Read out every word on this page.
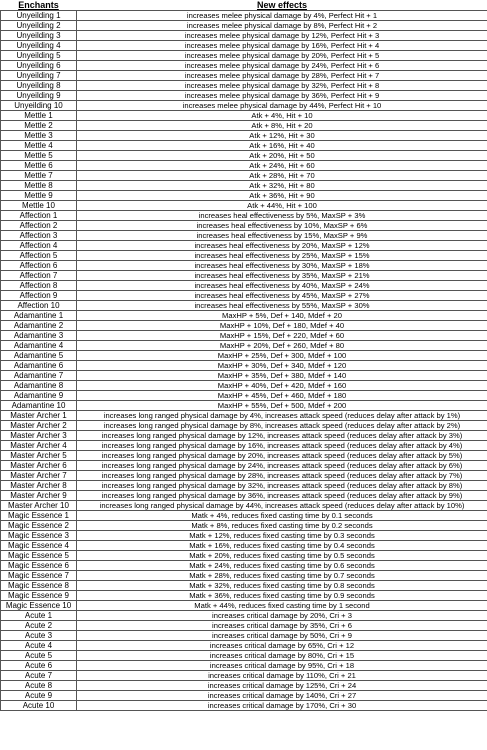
Enchants	New effects
Unyeilding 1	increases melee physical damage by 4%, Perfect Hit + 1
Unyeilding 2	increases melee physical damage by 8%, Perfect Hit + 2
Unyeilding 3	increases melee physical damage by 12%, Perfect Hit + 3
Unyeilding 4	increases melee physical damage by 16%, Perfect Hit + 4
Unyeilding 5	increases melee physical damage by 20%, Perfect Hit + 5
Unyeilding 6	increases melee physical damage by 24%, Perfect Hit + 6
Unyeilding 7	increases melee physical damage by 28%, Perfect Hit + 7
Unyeilding 8	increases melee physical damage by 32%, Perfect Hit + 8
Unyeilding 9	increases melee physical damage by 36%, Perfect Hit + 9
Unyeilding 10	increases melee physical damage by 44%, Perfect Hit + 10
Mettle 1	Atk + 4%, Hit + 10
Mettle 2	Atk + 8%, Hit + 20
Mettle 3	Atk + 12%, Hit + 30
Mettle 4	Atk + 16%, Hit + 40
Mettle 5	Atk + 20%, Hit + 50
Mettle 6	Atk + 24%, Hit + 60
Mettle 7	Atk + 28%, Hit + 70
Mettle 8	Atk + 32%, Hit + 80
Mettle 9	Atk + 36%, Hit + 90
Mettle 10	Atk + 44%, Hit + 100
Affection 1	increases heal effectiveness by 5%, MaxSP + 3%
Affection 2	increases heal effectiveness by 10%, MaxSP + 6%
Affection 3	increases heal effectiveness by 15%, MaxSP + 9%
Affection 4	increases heal effectiveness by 20%, MaxSP + 12%
Affection 5	increases heal effectiveness by 25%, MaxSP + 15%
Affection 6	increases heal effectiveness by 30%, MaxSP + 18%
Affection 7	increases heal effectiveness by 35%, MaxSP + 21%
Affection 8	increases heal effectiveness by 40%, MaxSP + 24%
Affection 9	increases heal effectiveness by 45%, MaxSP + 27%
Affection 10	increases heal effectiveness by 55%, MaxSP + 30%
Adamantine 1	MaxHP + 5%, Def + 140, Mdef + 20
Adamantine 2	MaxHP + 10%, Def + 180, Mdef + 40
Adamantine 3	MaxHP + 15%, Def + 220, Mdef + 60
Adamantine 4	MaxHP + 20%, Def + 260, Mdef + 80
Adamantine 5	MaxHP + 25%, Def + 300, Mdef + 100
Adamantine 6	MaxHP + 30%, Def + 340, Mdef + 120
Adamantine 7	MaxHP + 35%, Def + 380, Mdef + 140
Adamantine 8	MaxHP + 40%, Def + 420, Mdef + 160
Adamantine 9	MaxHP + 45%, Def + 460, Mdef + 180
Adamantine 10	MaxHP + 55%, Def + 500, Mdef + 200
Master Archer 1	increases long ranged physical damage by 4%, increases attack speed (reduces delay after attack by 1%)
Master Archer 2	increases long ranged physical damage by 8%, increases attack speed (reduces delay after attack by 2%)
Master Archer 3	increases long ranged physical damage by 12%, increases attack speed (reduces delay after attack by 3%)
Master Archer 4	increases long ranged physical damage by 16%, increases attack speed (reduces delay after attack by 4%)
Master Archer 5	increases long ranged physical damage by 20%, increases attack speed (reduces delay after attack by 5%)
Master Archer 6	increases long ranged physical damage by 24%, increases attack speed (reduces delay after attack by 6%)
Master Archer 7	increases long ranged physical damage by 28%, increases attack speed (reduces delay after attack by 7%)
Master Archer 8	increases long ranged physical damage by 32%, increases attack speed (reduces delay after attack by 8%)
Master Archer 9	increases long ranged physical damage by 36%, increases attack speed (reduces delay after attack by 9%)
Master Archer 10	increases long ranged physical damage by 44%, increases attack speed (reduces delay after attack by 10%)
Magic Essence 1	Matk + 4%, reduces fixed casting time by 0.1 seconds
Magic Essence 2	Matk + 8%, reduces fixed casting time by 0.2 seconds
Magic Essence 3	Matk + 12%, reduces fixed casting time by 0.3 seconds
Magic Essence 4	Matk + 16%, reduces fixed casting time by 0.4 seconds
Magic Essence 5	Matk + 20%, reduces fixed casting time by 0.5 seconds
Magic Essence 6	Matk + 24%, reduces fixed casting time by 0.6 seconds
Magic Essence 7	Matk + 28%, reduces fixed casting time by 0.7 seconds
Magic Essence 8	Matk + 32%, reduces fixed casting time by 0.8 seconds
Magic Essence 9	Matk + 36%, reduces fixed casting time by 0.9 seconds
Magic Essence 10	Matk + 44%, reduces fixed casting time by 1 second
Acute 1	increases critical damage by 20%, Cri + 3
Acute 2	increases critical damage by 35%, Cri + 6
Acute 3	increases critical damage by 50%, Cri + 9
Acute 4	increases critical damage by 65%, Cri + 12
Acute 5	increases critical damage by 80%, Cri + 15
Acute 6	increases critical damage by 95%, Cri + 18
Acute 7	increases critical damage by 110%, Cri + 21
Acute 8	increases critical damage by 125%, Cri + 24
Acute 9	increases critical damage by 140%, Cri + 27
Acute 10	increases critical damage by 170%, Cri + 30
